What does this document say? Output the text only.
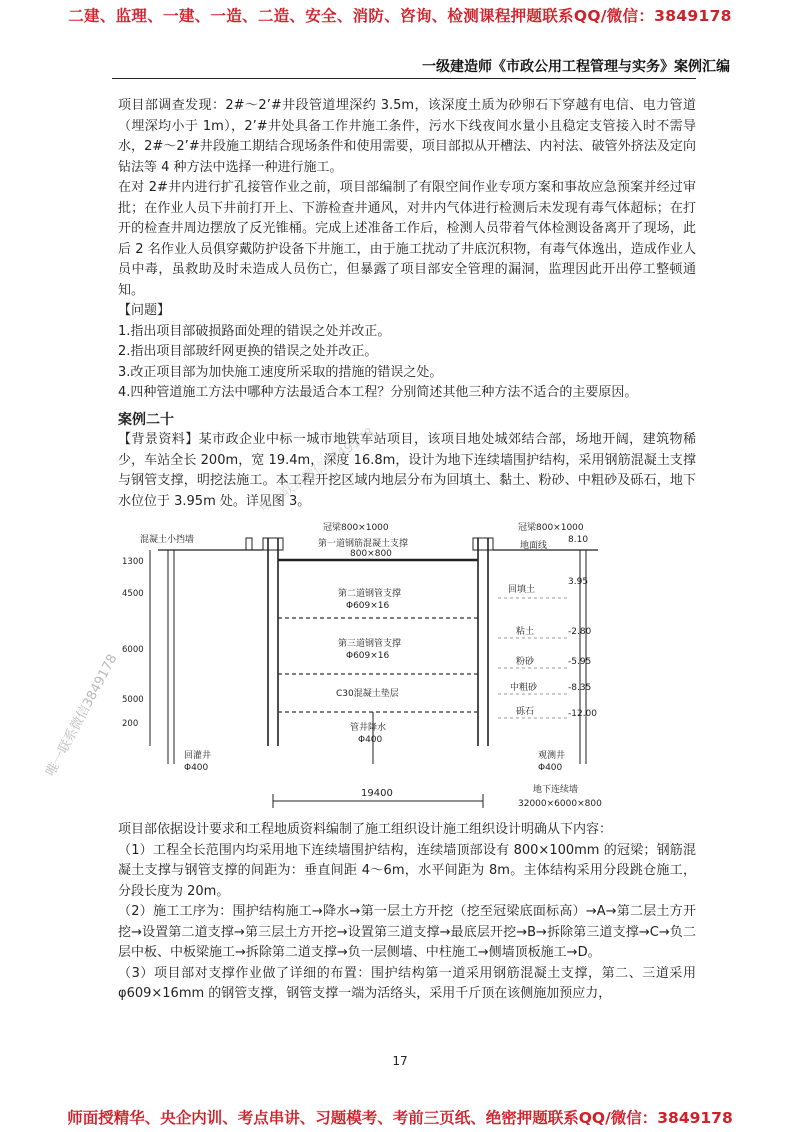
二建、监理、一建、一造、二造、安全、消防、咨询、检测课程押题联系QQ/微信：3849178
一级建造师《市政公用工程管理与实务》案例汇编

项目部调查发现：2#～2’#井段管道埋深约 3.5m，该深度土质为砂卵石下穿越有电信、电力管道（埋深均小于 1m），2’#井处具备工作井施工条件，污水下线夜间水量小且稳定支管接入时不需导水，2#～2’#井段施工期结合现场条件和使用需要，项目部拟从开槽法、内衬法、破管外挤法及定向钻法等 4 种方法中选择一种进行施工。

在对 2#井内进行扩孔接管作业之前，项目部编制了有限空间作业专项方案和事故应急预案并经过审批；在作业人员下井前打开上、下游检查井通风，对井内气体进行检测后未发现有毒气体超标；在打开的检查井周边摆放了反光锥桶。完成上述准备工作后，检测人员带着气体检测设备离开了现场，此后 2 名作业人员俱穿戴防护设备下井施工，由于施工扰动了井底沉积物，有毒气体逸出，造成作业人员中毒，虽救助及时未造成人员伤亡，但暴露了项目部安全管理的漏洞，监理因此开出停工整顿通知。

【问题】

1.指出项目部破损路面处理的错误之处并改正。

2.指出项目部玻纤网更换的错误之处并改正。

3.改正项目部为加快施工速度所采取的措施的错误之处。

4.四种管道施工方法中哪种方法最适合本工程？分别简述其他三种方法不适合的主要原因。

案例二十

【背景资料】某市政企业中标一城市地铁车站项目，该项目地处城郊结合部，场地开阔，建筑物稀少，车站全长 200m，宽 19.4m，深度 16.8m，设计为地下连续墙围护结构，采用钢筋混凝土支撑与钢管支撑，明挖法施工。本工程开挖区域内地层分布为回填土、黏土、粉砂、中粗砂及砾石，地下水位位于 3.95m 处。详见图 3。

冠梁800×1000	冠梁800×1000
混凝土小挡墙	第一道钢筋混凝土支撑
800×800
第二道钢管支撑
Φ609×16
第三道钢管支撑
Φ609×16
C30混凝土垫层
管井降水
Φ400
回灌井
Φ400
观测井
Φ400
地下连续墙
32000×6000×800
19400
地面线
1300
4500
6000
5000
200
回填土
粘土
粉砂
中粗砂
砾石
8.10
3.95
-2.80
-5.95
-8.35
-12.00

项目部依据设计要求和工程地质资料编制了施工组织设计施工组织设计明确从下内容：

（1）工程全长范围内均采用地下连续墙围护结构，连续墙顶部设有 800×100mm 的冠梁；钢筋混凝土支撑与钢管支撑的间距为：垂直间距 4～6m，水平间距为 8m。主体结构采用分段跳仓施工，分段长度为 20m。

（2）施工工序为：围护结构施工→降水→第一层土方开挖（挖至冠梁底面标高）→A→第二层土方开挖→设置第二道支撑→第三层土方开挖→设置第三道支撑→最底层开挖→B→拆除第三道支撑→C→负二层中板、中板梁施工→拆除第二道支撑→负一层侧墙、中柱施工→侧墙顶板施工→D。

（3）项目部对支撑作业做了详细的布置：围护结构第一道采用钢筋混凝土支撑，第二、三道采用 φ609×16mm 的钢管支撑，钢管支撑一端为活络头，采用千斤顶在该侧施加预应力，

唯一联系微信3849178
唯一联系微信3849178
17
师面授精华、央企内训、考点串讲、习题模考、考前三页纸、绝密押题联系QQ/微信：3849178
